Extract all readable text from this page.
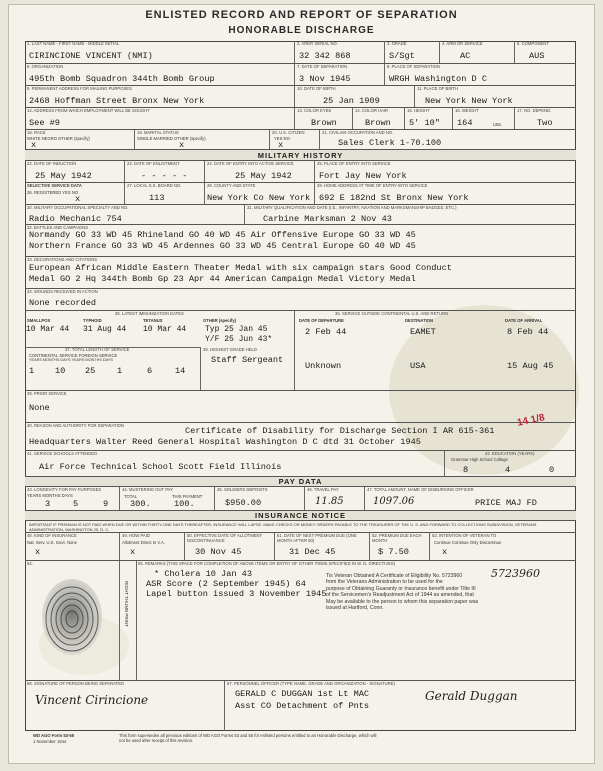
ENLISTED RECORD AND REPORT OF SEPARATION
HONORABLE DISCHARGE
1. LAST NAME - FIRST NAME - MIDDLE INITIAL
CIRINCIONE VINCENT (NMI)
2. ARMY SERIAL NO.
32 342 868
3. GRADE
S/Sgt
4. ARM OR SERVICE
AC
5. COMPONENT
AUS
6. ORGANIZATION
495th Bomb Squadron 344th Bomb Group
7. DATE OF SEPARATION
3 Nov 1945
8. PLACE OF SEPARATION
WRGH Washington D C
9. PERMANENT ADDRESS FOR MAILING PURPOSES
2468 Hoffman Street Bronx New York
10. DATE OF BIRTH
25 Jan 1909
11. PLACE OF BIRTH
New York New York
12. ADDRESS FROM WHICH EMPLOYMENT WILL BE SOUGHT
See #9
13. COLOR EYES
Brown
14. COLOR HAIR
Brown
15. HEIGHT
5' 10"
16. WEIGHT
164	LBS.
17. NO. DEPEND.
Two
18. RACE
WHITE NEGRO OTHER (specify)
x
19. MARITAL STATUS
SINGLE MARRIED OTHER (specify)
x
20. U.S. CITIZEN
YES NO
x
21. CIVILIAN OCCUPATION AND NO.
Sales Clerk 1-70.100
MILITARY HISTORY
22. DATE OF INDUCTION
25 May 1942
23. DATE OF ENLISTMENT
- - - - -
24. DATE OF ENTRY INTO ACTIVE SERVICE
25 May 1942
25. PLACE OF ENTRY INTO SERVICE
Fort Jay New York
SELECTIVE SERVICE DATA
26. REGISTERED YES NO
x
27. LOCAL S.S. BOARD NO.
113
28. COUNTY AND STATE
New York Co New York
29. HOME ADDRESS AT TIME OF ENTRY INTO SERVICE
692 E 182nd St Bronx New York
30. MILITARY OCCUPATIONAL SPECIALTY AND NO.
Radio Mechanic 754
31. MILITARY QUALIFICATION AND DATE (I.E., INFANTRY, AVIATION AND MARKSMANSHIP BADGES, ETC.)
Carbine Marksman 2 Nov 43
32. BATTLES AND CAMPAIGNS
Normandy GO 33 WD 45 Rhineland GO 40 WD 45 Air Offensive Europe GO 33 WD 45
Northern France GO 33 WD 45 Ardennes GO 33 WD 45 Central Europe GO 40 WD 45
33. DECORATIONS AND CITATIONS
European African Middle Eastern Theater Medal with six campaign stars Good Conduct
Medal GO 2 Hq 344th Bomb Gp 23 Apr 44 American Campaign Medal Victory Medal
34. WOUNDS RECEIVED IN ACTION
None recorded
35. LATEST IMMUNIZATION DATES
SMALLPOX	TYPHOID	TETANUS	OTHER (specify)
10 Mar 44 31 Aug 44 10 Mar 44 Typ 25 Jan 45
Y/F 25 Jun 43*
37. TOTAL LENGTH OF SERVICE
CONTINENTAL SERVICE FOREIGN SERVICE
YEARS MONTHS DAYS YEARS MONTHS DAYS
1 10 25	1	6	14
38. HIGHEST GRADE HELD
Staff Sergeant
36. SERVICE OUTSIDE CONTINENTAL U.S. AND RETURN
DATE OF DEPARTURE	DESTINATION	DATE OF ARRIVAL
2 Feb 44	EAMET	8 Feb 44
Unknown	USA	15 Aug 45
39. PRIOR SERVICE
None
40. REASON AND AUTHORITY FOR SEPARATION
Certificate of Disability for Discharge Section I AR 615-361
Headquarters Walter Reed General Hospital Washington D C dtd 31 October 1945
41. SERVICE SCHOOLS ATTENDED
Air Force Technical School Scott Field Illinois
42. EDUCATION (YEARS)
Grammar High School College
8	4	0
PAY DATA
43. LONGEVITY FOR PAY PURPOSES
YEARS MONTHS DAYS
3	5	9
44. MUSTERING OUT PAY
TOTAL
300.
THIS PAYMENT
100.
45. SOLDIERS DEPOSITS
$950.00
46. TRAVEL PAY
11.85
47. TOTAL AMOUNT, NAME OF DISBURSING OFFICER
1097.06	PRICE MAJ FD
INSURANCE NOTICE
IMPORTANT IF PREMIUM IS NOT PAID WHEN DUE OR WITHIN THIRTY-ONE DAYS THEREAFTER, INSURANCE WILL LAPSE. MAKE CHECKS OR MONEY ORDERS PAYABLE TO THE TREASURER OF THE U. S. AND FORWARD TO COLLECTIONS SUBDIVISION, VETERANS ADMINISTRATION, WASHINGTON 25, D. C.
48. KIND OF INSURANCE
Nat. Serv. U.S. Govt. None
x
49. HOW PAID
Allotment Direct to V.A.
x
50. EFFECTIVE DATE OF ALLOTMENT DISCONTINUANCE
30 Nov 45
51. DATE OF NEXT PREMIUM DUE (ONE MONTH AFTER 50)
31 Dec 45
52. PREMIUM DUE EACH MONTH
$ 7.50
53. INTENTION OF VETERAN TO
Continue Continue Only Discontinue
x
54.
RIGHT THUMB PRINT
55. REMARKS (THIS SPACE FOR COMPLETION OF ABOVE ITEMS OR ENTRY OF OTHER ITEMS SPECIFIED IN W. D. DIRECTIVES)
* Cholera 10 Jan 43
ASR Score (2 September 1945) 64
Lapel button issued 3 November 1945
Tis Veteran Obtained A Certificate of Eligibility No. 5723960
from the Veterans Administration to be used for the
purpose of Obtaining Guaranty or Insurance benefit under Title III
of the Servicemen's Readjustment Act of 1944 as amended, that
May be available to the person to whom this separation paper was
issued at Hartford, Conn.
5723960
56. SIGNATURE OF PERSON BEING SEPARATED
Vincent Cirincione
57. PERSONNEL OFFICER (TYPE NAME, GRADE AND ORGANIZATION - SIGNATURE)
GERALD C DUGGAN 1st Lt MAC
Asst CO Detachment of Pnts
Gerald Duggan
WD AGO Form 53-55
1 November 1944
This form supersedes all previous editions of WD AGO Forms 53 and 55 for enlisted persons entitled to an Honorable Discharge, which will not be used after receipt of this revision.
14 1/8
